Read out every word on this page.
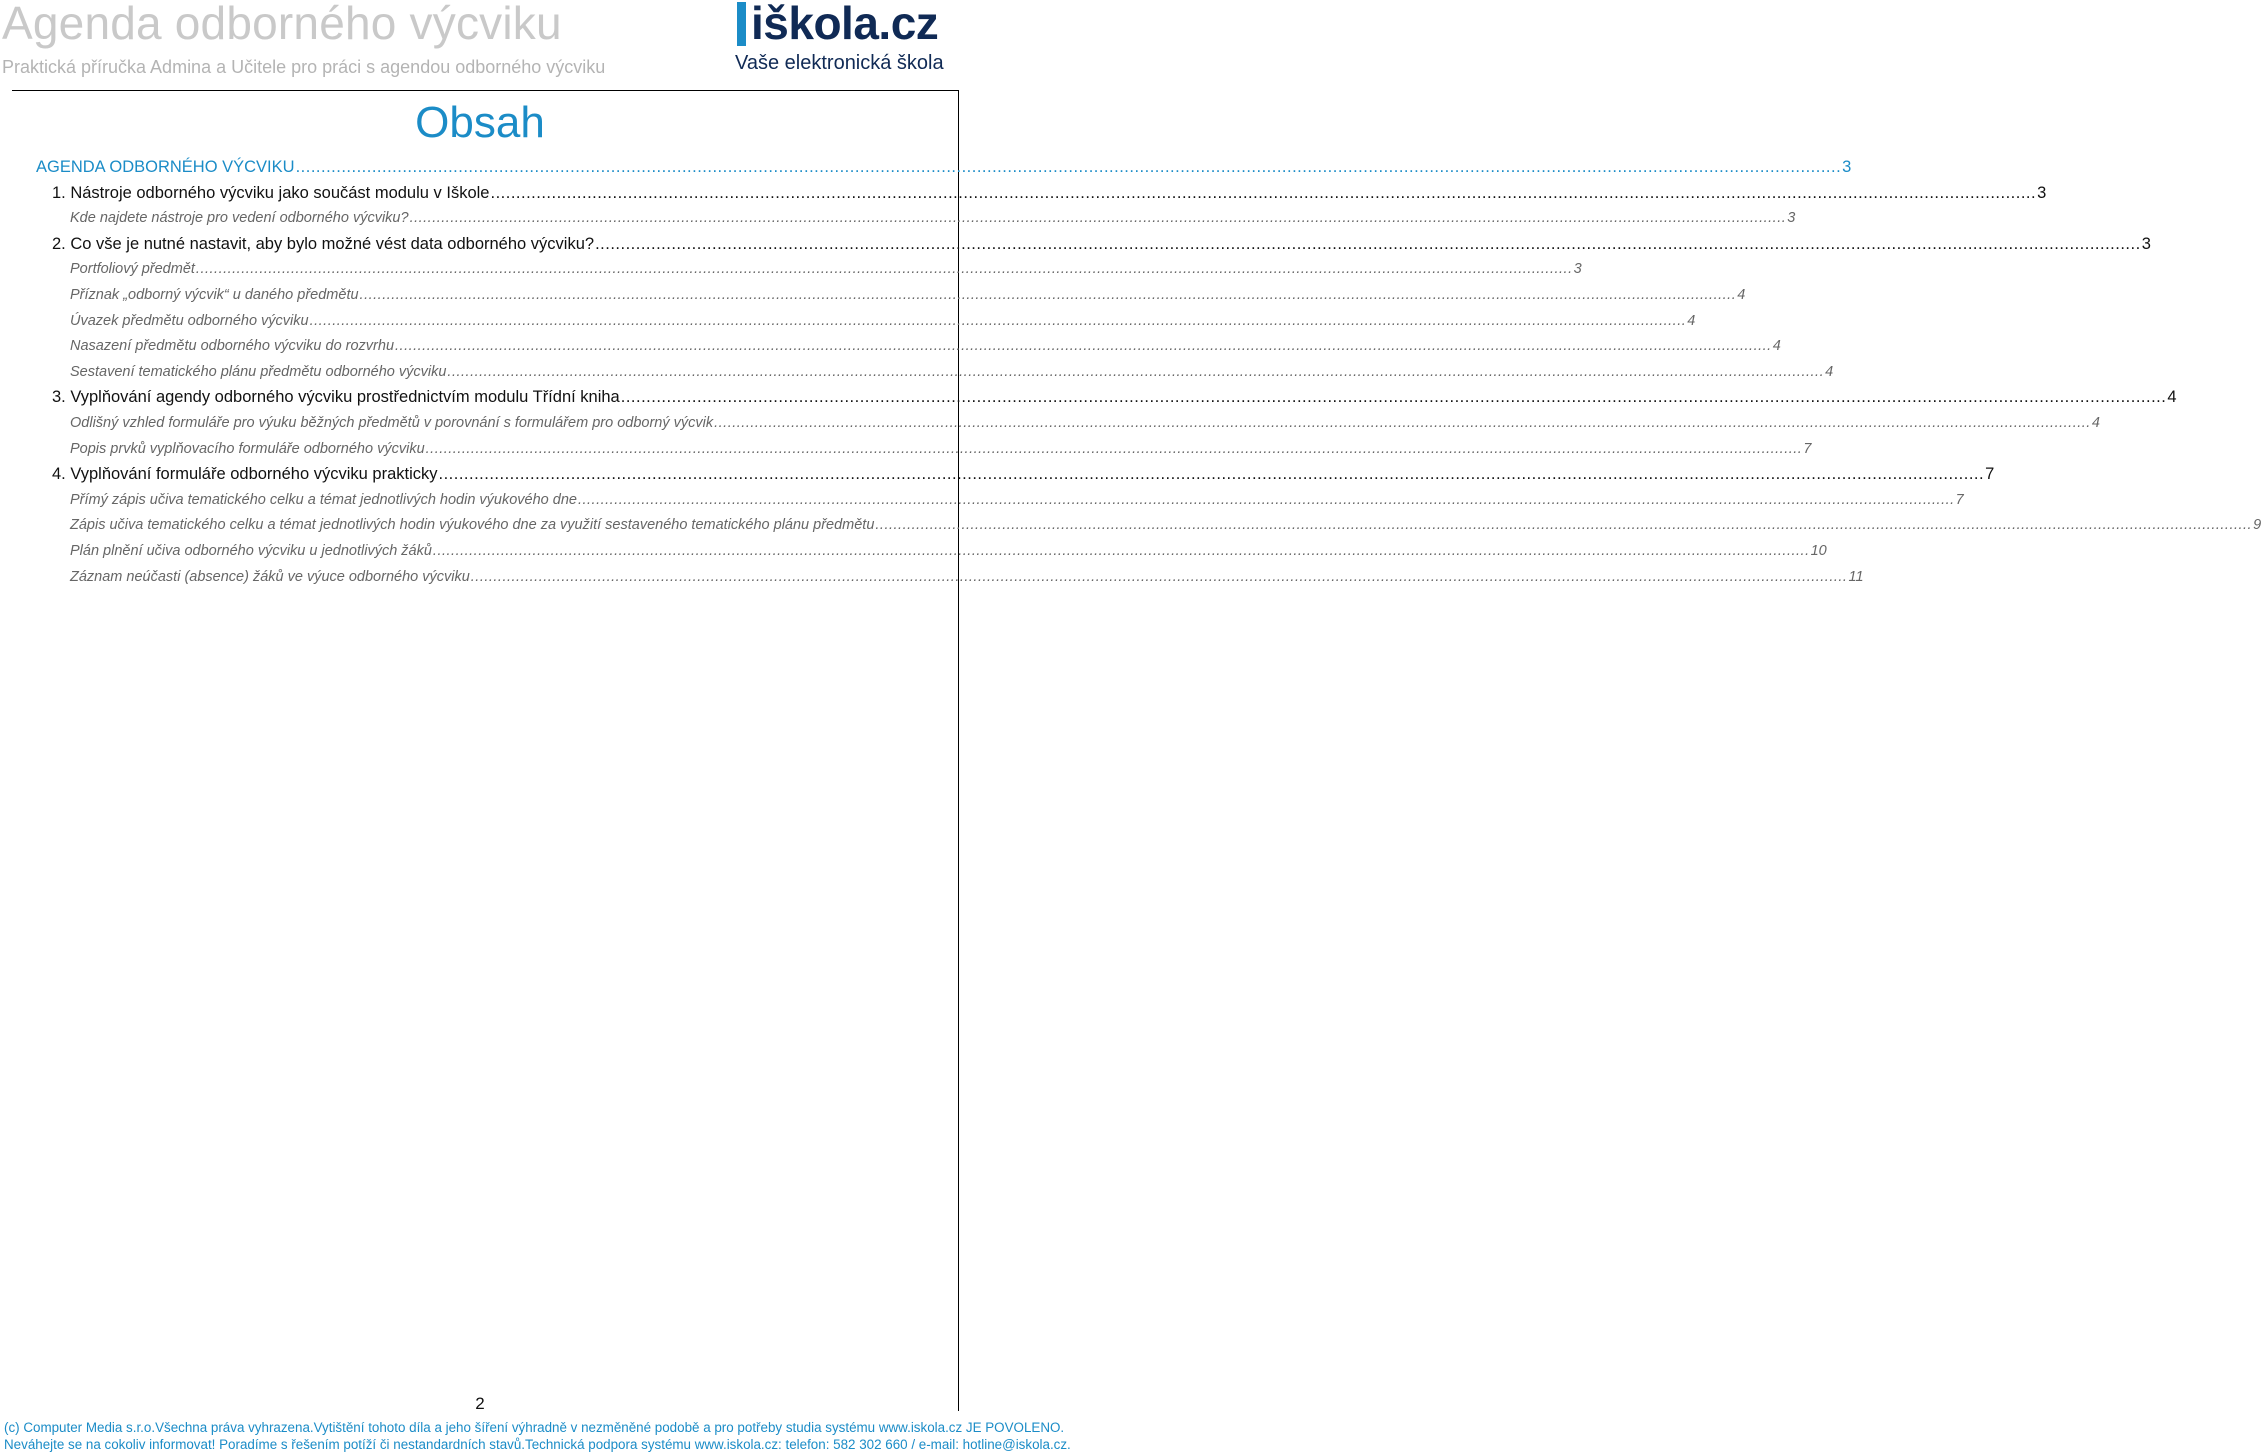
Agenda odborného výcviku
Praktická příručka Admina a Učitele pro práci s agendou odborného výcviku
iškola.cz
Vaše elektronická škola
Obsah
AGENDA ODBORNÉHO VÝCVIKU .....	3
1. Nástroje odborného výcviku jako součást modulu v Iškole .....	3
Kde najdete nástroje pro vedení odborného výcviku? .....	3
2. Co vše je nutné nastavit, aby bylo možné vést data odborného výcviku? .....	3
Portfoliový předmět .....	3
Příznak „odborný výcvik“ u daného předmětu .....	4
Úvazek předmětu odborného výcviku .....	4
Nasazení předmětu odborného výcviku do rozvrhu .....	4
Sestavení tematického plánu předmětu odborného výcviku .....	4
3. Vyplňování agendy odborného výcviku prostřednictvím modulu Třídní kniha .....	4
Odlišný vzhled formuláře pro výuku běžných předmětů v porovnání s formulářem pro odborný výcvik .....	4
Popis prvků vyplňovacího formuláře odborného výcviku .....	7
4. Vyplňování formuláře odborného výcviku prakticky .....	7
Přímý zápis učiva tematického celku a témat jednotlivých hodin výukového dne .....	7
Zápis učiva tematického celku a témat jednotlivých hodin výukového dne za využití sestaveného tematického plánu předmětu .....	9
Plán plnění učiva odborného výcviku u jednotlivých žáků .....	10
Záznam neúčasti (absence) žáků ve výuce odborného výcviku .....	11
2
(c) Computer Media s.r.o.Všechna práva vyhrazena.Vytištění tohoto díla a jeho šíření výhradně v nezměněné podobě a pro potřeby studia systému www.iskola.cz JE POVOLENO.
Neváhejte se na cokoliv informovat! Poradíme s řešením potíží či nestandardních stavů.Technická podpora systému www.iskola.cz: telefon: 582 302 660 / e-mail: hotline@iskola.cz.
